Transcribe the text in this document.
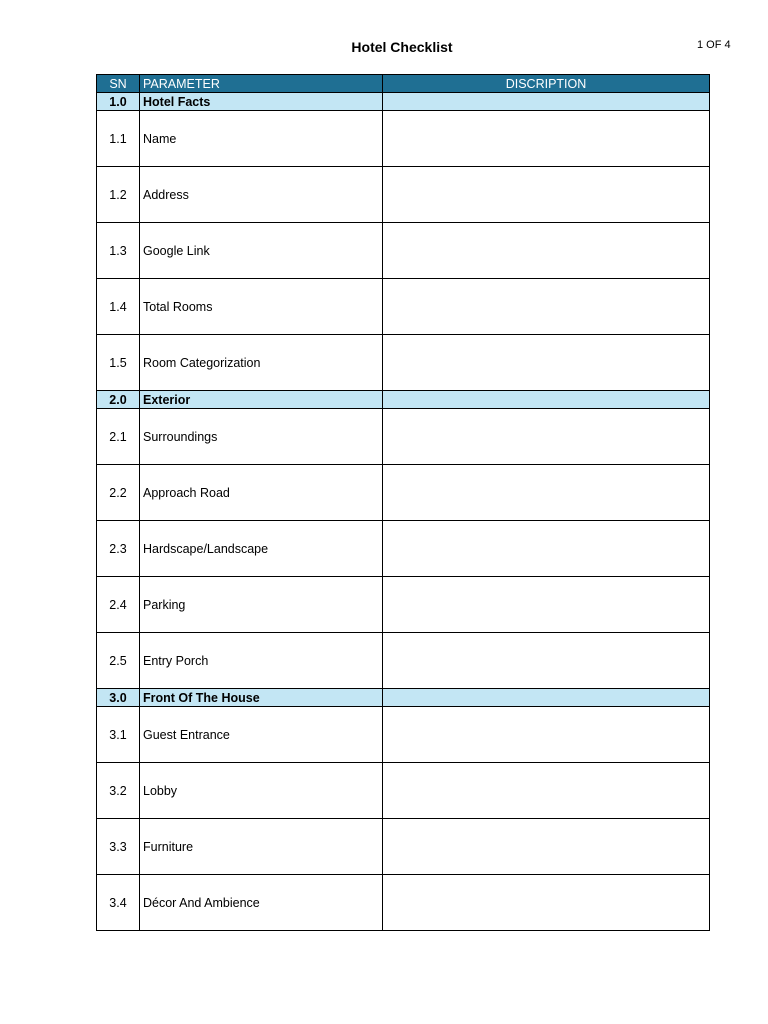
Hotel Checklist	1 OF 4
SN	PARAMETER	DISCRIPTION
1.0	Hotel Facts	
1.1	Name	
1.2	Address	
1.3	Google Link	
1.4	Total Rooms	
1.5	Room Categorization	
2.0	Exterior	
2.1	Surroundings	
2.2	Approach Road	
2.3	Hardscape/Landscape	
2.4	Parking	
2.5	Entry Porch	
3.0	Front Of The House	
3.1	Guest Entrance	
3.2	Lobby	
3.3	Furniture	
3.4	Décor And Ambience	
